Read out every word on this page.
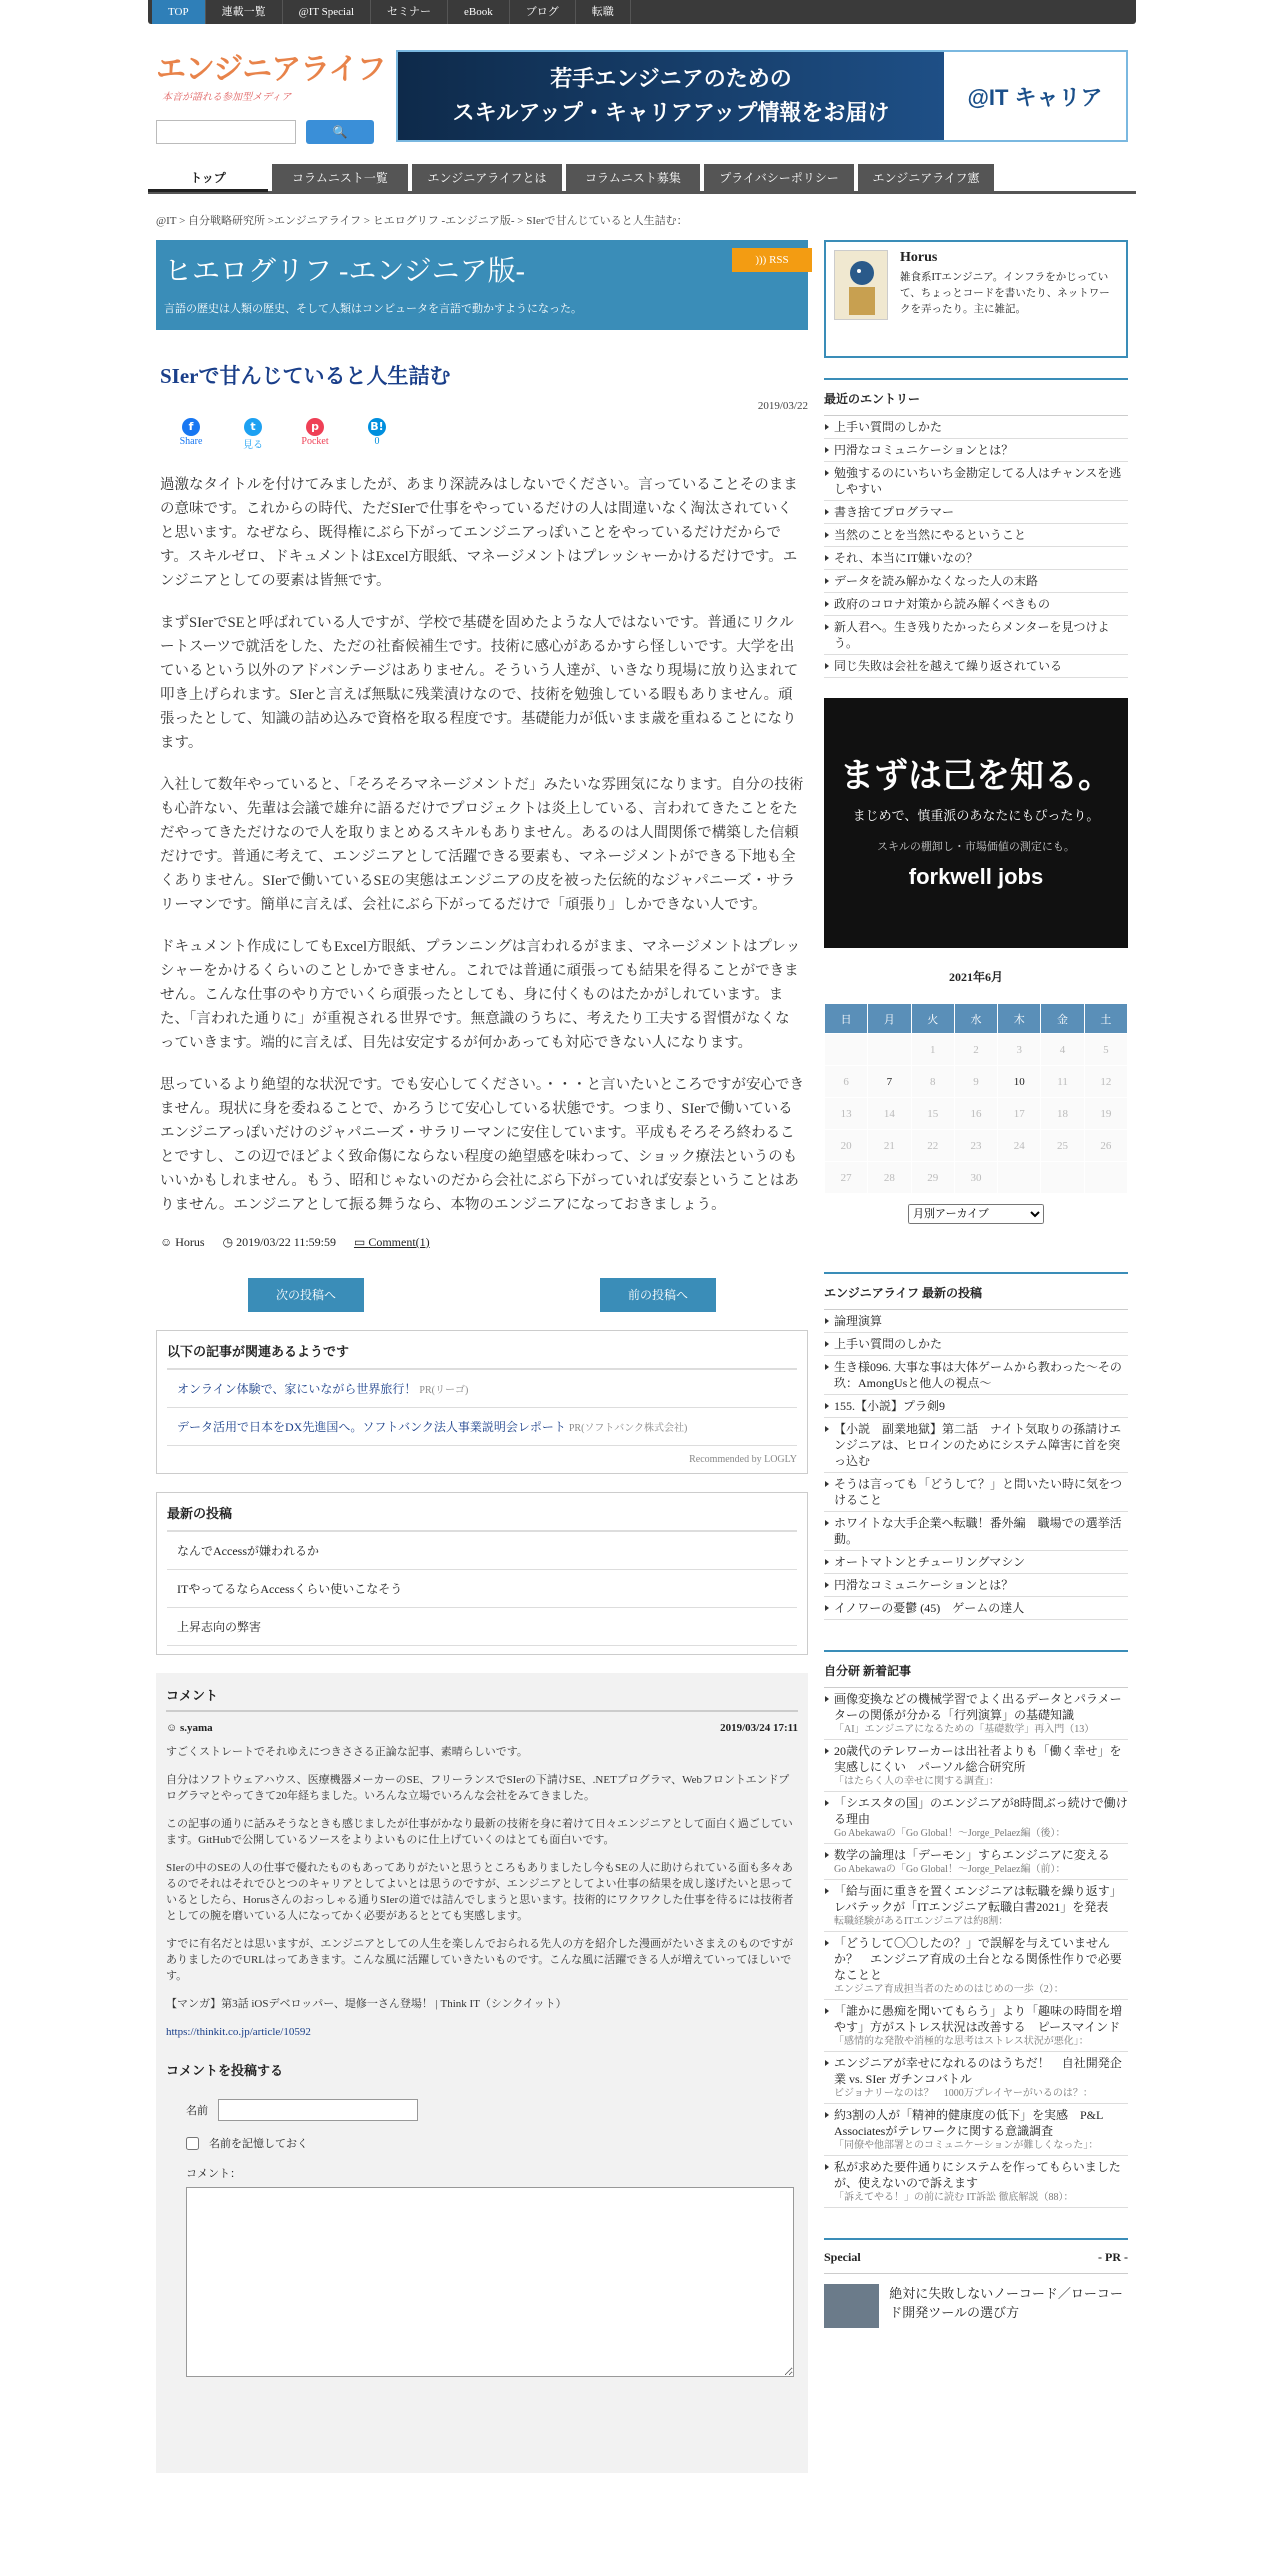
TOP	連載一覧	@IT Special	セミナー	eBook	ブログ	転職
エンジニアライフ
本音が語れる参加型メディア
🔍
若手エンジニアのための
スキルアップ・キャリアアップ情報をお届け
@IT キャリア
トップ	コラムニスト一覧	エンジニアライフとは	コラムニスト募集	プライバシーポリシー	エンジニアライフ憲章
@IT > 自分戦略研究所 >エンジニアライフ > ヒエログリフ -エンジニア版- > SIerで甘んじていると人生詰む：
ヒエログリフ -エンジニア版-
言語の歴史は人類の歴史、そして人類はコンピュータを言語で動かすようになった。
))) RSS
SIerで甘んじていると人生詰む
2019/03/22
f
Share
t
見る
p
Pocket
B!
0

過激なタイトルを付けてみましたが、あまり深読みはしないでください。言っていることそのままの意味です。これからの時代、ただSIerで仕事をやっているだけの人は間違いなく淘汰されていくと思います。なぜなら、既得権にぶら下がってエンジニアっぽいことをやっているだけだからです。スキルゼロ、ドキュメントはExcel方眼紙、マネージメントはプレッシャーかけるだけです。エンジニアとしての要素は皆無です。

まずSIerでSEと呼ばれている人ですが、学校で基礎を固めたような人ではないです。普通にリクルートスーツで就活をした、ただの社畜候補生です。技術に感心があるかすら怪しいです。大学を出ているという以外のアドバンテージはありません。そういう人達が、いきなり現場に放り込まれて叩き上げられます。SIerと言えば無駄に残業漬けなので、技術を勉強している暇もありません。頑張ったとして、知識の詰め込みで資格を取る程度です。基礎能力が低いまま歳を重ねることになります。

入社して数年やっていると、「そろそろマネージメントだ」みたいな雰囲気になります。自分の技術も心許ない、先輩は会議で雄弁に語るだけでプロジェクトは炎上している、言われてきたことをただやってきただけなので人を取りまとめるスキルもありません。あるのは人間関係で構築した信頼だけです。普通に考えて、エンジニアとして活躍できる要素も、マネージメントができる下地も全くありません。SIerで働いているSEの実態はエンジニアの皮を被った伝統的なジャパニーズ・サラリーマンです。簡単に言えば、会社にぶら下がってるだけで「頑張り」しかできない人です。

ドキュメント作成にしてもExcel方眼紙、プランニングは言われるがまま、マネージメントはプレッシャーをかけるくらいのことしかできません。これでは普通に頑張っても結果を得ることができません。こんな仕事のやり方でいくら頑張ったとしても、身に付くものはたかがしれています。また、「言われた通りに」が重視される世界です。無意識のうちに、考えたり工夫する習慣がなくなっていきます。端的に言えば、目先は安定するが何かあっても対応できない人になります。

思っているより絶望的な状況です。でも安心してください。・・・と言いたいところですが安心できません。現状に身を委ねることで、かろうじて安心している状態です。つまり、SIerで働いているエンジニアっぽいだけのジャパニーズ・サラリーマンに安住しています。平成もそろそろ終わることですし、この辺でほどよく致命傷にならない程度の絶望感を味わって、ショック療法というのもいいかもしれません。もう、昭和じゃないのだから会社にぶら下がっていれば安泰ということはありません。エンジニアとして振る舞うなら、本物のエンジニアになっておきましょう。

☺ Horus ◷ 2019/03/22 11:59:59 ▭ Comment(1)
次の投稿へ	前の投稿へ
以下の記事が関連あるようです
オンライン体験で、家にいながら世界旅行！ PR(リーゴ)
データ活用で日本をDX先進国へ。ソフトバンク法人事業説明会レポート PR(ソフトバンク株式会社)
Recommended by LOGLY
最新の投稿
なんでAccessが嫌われるか
ITやってるならAccessくらい使いこなそう
上昇志向の弊害
コメント
☺ s.yama	2019/03/24 17:11

すごくストレートでそれゆえにつきささる正論な記事、素晴らしいです。

自分はソフトウェアハウス、医療機器メーカーのSE、フリーランスでSIerの下請けSE、.NETプログラマ、Webフロントエンドプログラマとやってきて20年経ちました。いろんな立場でいろんな会社をみてきました。

この記事の通りに話みそうなときも感じましたが仕事がかなり最新の技術を身に着けて日々エンジニアとして面白く過ごしています。GitHubで公開しているソースをよりよいものに仕上げていくのはとても面白いです。

SIerの中のSEの人の仕事で優れたものもあってありがたいと思うところもありましたし今もSEの人に助けられている面も多々あるのでそれはそれでひとつのキャリアとしてよいとは思うのですが、エンジニアとしてよい仕事の結果を成し遂げたいと思っているとしたら、Horusさんのおっしゃる通りSIerの道では詰んでしまうと思います。技術的にワクワクした仕事を待るには技術者としての腕を磨いている人になってかく必要があるととても実感します。

すでに有名だとは思いますが、エンジニアとしての人生を楽しんでおられる先人の方を紹介した漫画がたいさまえのものですがありましたのでURLはってあきます。こんな風に活躍していきたいものです。こんな風に活躍できる人が増えていってほしいです。

【マンガ】第3話 iOSデベロッパー、堤修一さん登場！ | Think IT（シンクイット）

https://thinkit.co.jp/article/10592
コメントを投稿する
名前
名前を記憶しておく
コメント：
Horus
雑食系ITエンジニア。インフラをかじっていて、ちょっとコードを書いたり、ネットワークを弄ったり。主に雑記。
最近のエントリー
上手い質問のしかた
円滑なコミュニケーションとは？
勉強するのにいちいち金勘定してる人はチャンスを逃しやすい
書き捨てプログラマー
当然のことを当然にやるということ
それ、本当にIT嫌いなの？
データを読み解かなくなった人の末路
政府のコロナ対策から読み解くべきもの
新人君へ。生き残りたかったらメンターを見つけよう。
同じ失敗は会社を越えて繰り返されている
まずは己を知る。
まじめで、慎重派のあなたにもぴったり。
スキルの棚卸し・市場価値の測定にも。
forkwell jobs
2021年6月
日	月	火	水	木	金	土
		1	2	3	4	5
6	7	8	9	10	11	12
13	14	15	16	17	18	19
20	21	22	23	24	25	26
27	28	29	30			
月別アーカイブ
エンジニアライフ 最新の投稿
論理演算
上手い質問のしかた
生き様096. 大事な事は大体ゲームから教わった～その玖：AmongUsと他人の視点～
155.【小説】プラ剣9
【小説　副業地獄】第二話　ナイト気取りの孫請けエンジニアは、ヒロインのためにシステム障害に首を突っ込む
そうは言っても「どうして？」と問いたい時に気をつけること
ホワイトな大手企業へ転職！番外編　職場での選挙活動。
オートマトンとチューリングマシン
円滑なコミュニケーションとは？
イノワーの憂鬱 (45)　ゲームの達人
自分研 新着記事
画像変換などの機械学習でよく出るデータとパラメーターの関係が分かる「行列演算」の基礎知識
「AI」エンジニアになるための「基礎数学」再入門（13）
20歳代のテレワーカーは出社者よりも「働く幸せ」を実感しにくい　パーソル総合研究所
「はたらく人の幸せに関する調査」：
「シエスタの国」のエンジニアが8時間ぶっ続けで働ける理由
Go Abekawaの「Go Global！～Jorge_Pelaez編（後）：
数学の論理は「デーモン」すらエンジニアに変える
Go Abekawaの「Go Global！～Jorge_Pelaez編（前）：
「給与面に重きを置くエンジニアは転職を繰り返す」　レバテックが「ITエンジニア転職白書2021」を発表
転職経験があるITエンジニアは約8割：
「どうして〇〇したの？」で誤解を与えていませんか？　エンジニア育成の土台となる関係性作りで必要なことと
エンジニア育成担当者のためのはじめの一歩（2）：
「誰かに愚痴を聞いてもらう」より「趣味の時間を増やす」方がストレス状況は改善する　ピースマインド
「感情的な発散や消極的な思考はストレス状況が悪化」：
エンジニアが幸せになれるのはうちだ！　自社開発企業 vs. SIer ガチンコバトル
ビジョナリーなのは？　1000万プレイヤーがいるのは？：
約3割の人が「精神的健康度の低下」を実感　P&L Associatesがテレワークに関する意識調査
「同僚や他部署とのコミュニケーションが難しくなった」：
私が求めた要件通りにシステムを作ってもらいましたが、使えないので訴えます
「訴えてやる！」の前に読む IT訴訟 徹底解説（88）：
Special	- PR -
絶対に失敗しないノーコード／ローコード開発ツールの選び方
